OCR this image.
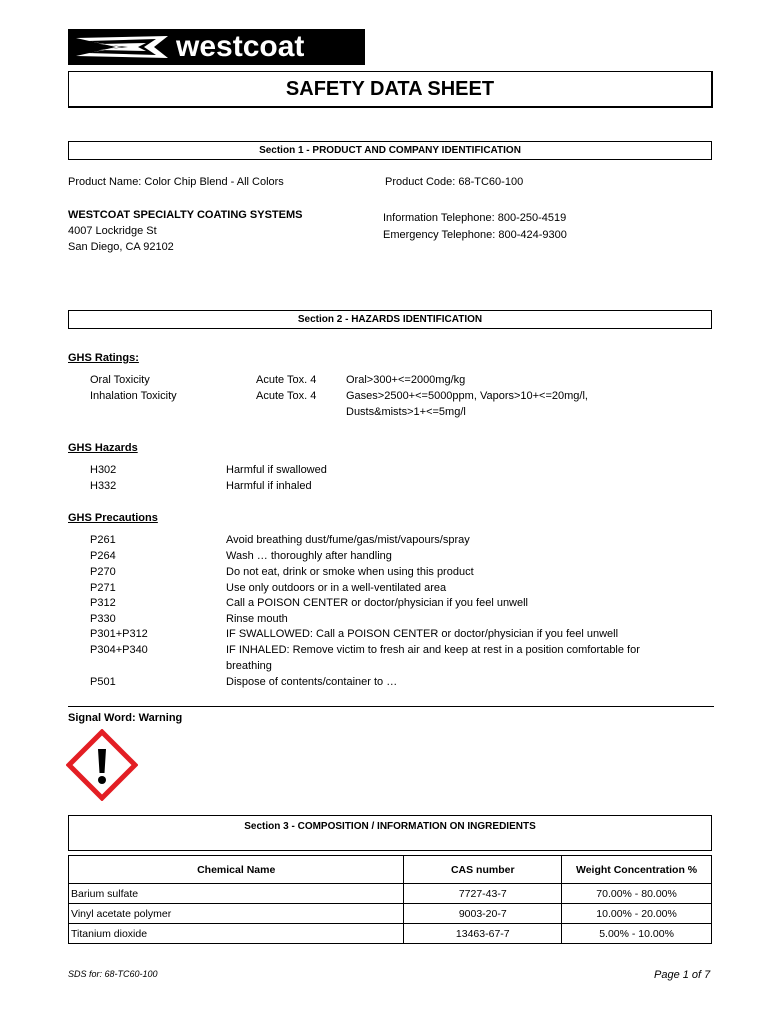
westcoat
SAFETY DATA SHEET
Section 1 - PRODUCT AND COMPANY IDENTIFICATION
Product Name: Color Chip Blend - All Colors	Product Code: 68-TC60-100
WESTCOAT SPECIALTY COATING SYSTEMS
4007 Lockridge St
San Diego, CA 92102
Information Telephone: 800-250-4519
Emergency Telephone: 800-424-9300
Section 2 - HAZARDS IDENTIFICATION
GHS Ratings:
Oral Toxicity	Acute Tox. 4	Oral>300+<=2000mg/kg
Inhalation Toxicity	Acute Tox. 4	Gases>2500+<=5000ppm, Vapors>10+<=20mg/l,
Dusts&mists>1+<=5mg/l
GHS Hazards
H302	Harmful if swallowed
H332	Harmful if inhaled
GHS Precautions
P261	Avoid breathing dust/fume/gas/mist/vapours/spray
P264	Wash … thoroughly after handling
P270	Do not eat, drink or smoke when using this product
P271	Use only outdoors or in a well-ventilated area
P312	Call a POISON CENTER or doctor/physician if you feel unwell
P330	Rinse mouth
P301+P312	IF SWALLOWED: Call a POISON CENTER or doctor/physician if you feel unwell
P304+P340	IF INHALED: Remove victim to fresh air and keep at rest in a position comfortable for
breathing
P501	Dispose of contents/container to …
Signal Word: Warning
Section 3 - COMPOSITION / INFORMATION ON INGREDIENTS
Chemical Name	CAS number	Weight Concentration %
Barium sulfate	7727-43-7	70.00% - 80.00%
Vinyl acetate polymer	9003-20-7	10.00% - 20.00%
Titanium dioxide	13463-67-7	5.00% - 10.00%
SDS for: 68-TC60-100	Page 1 of 7
